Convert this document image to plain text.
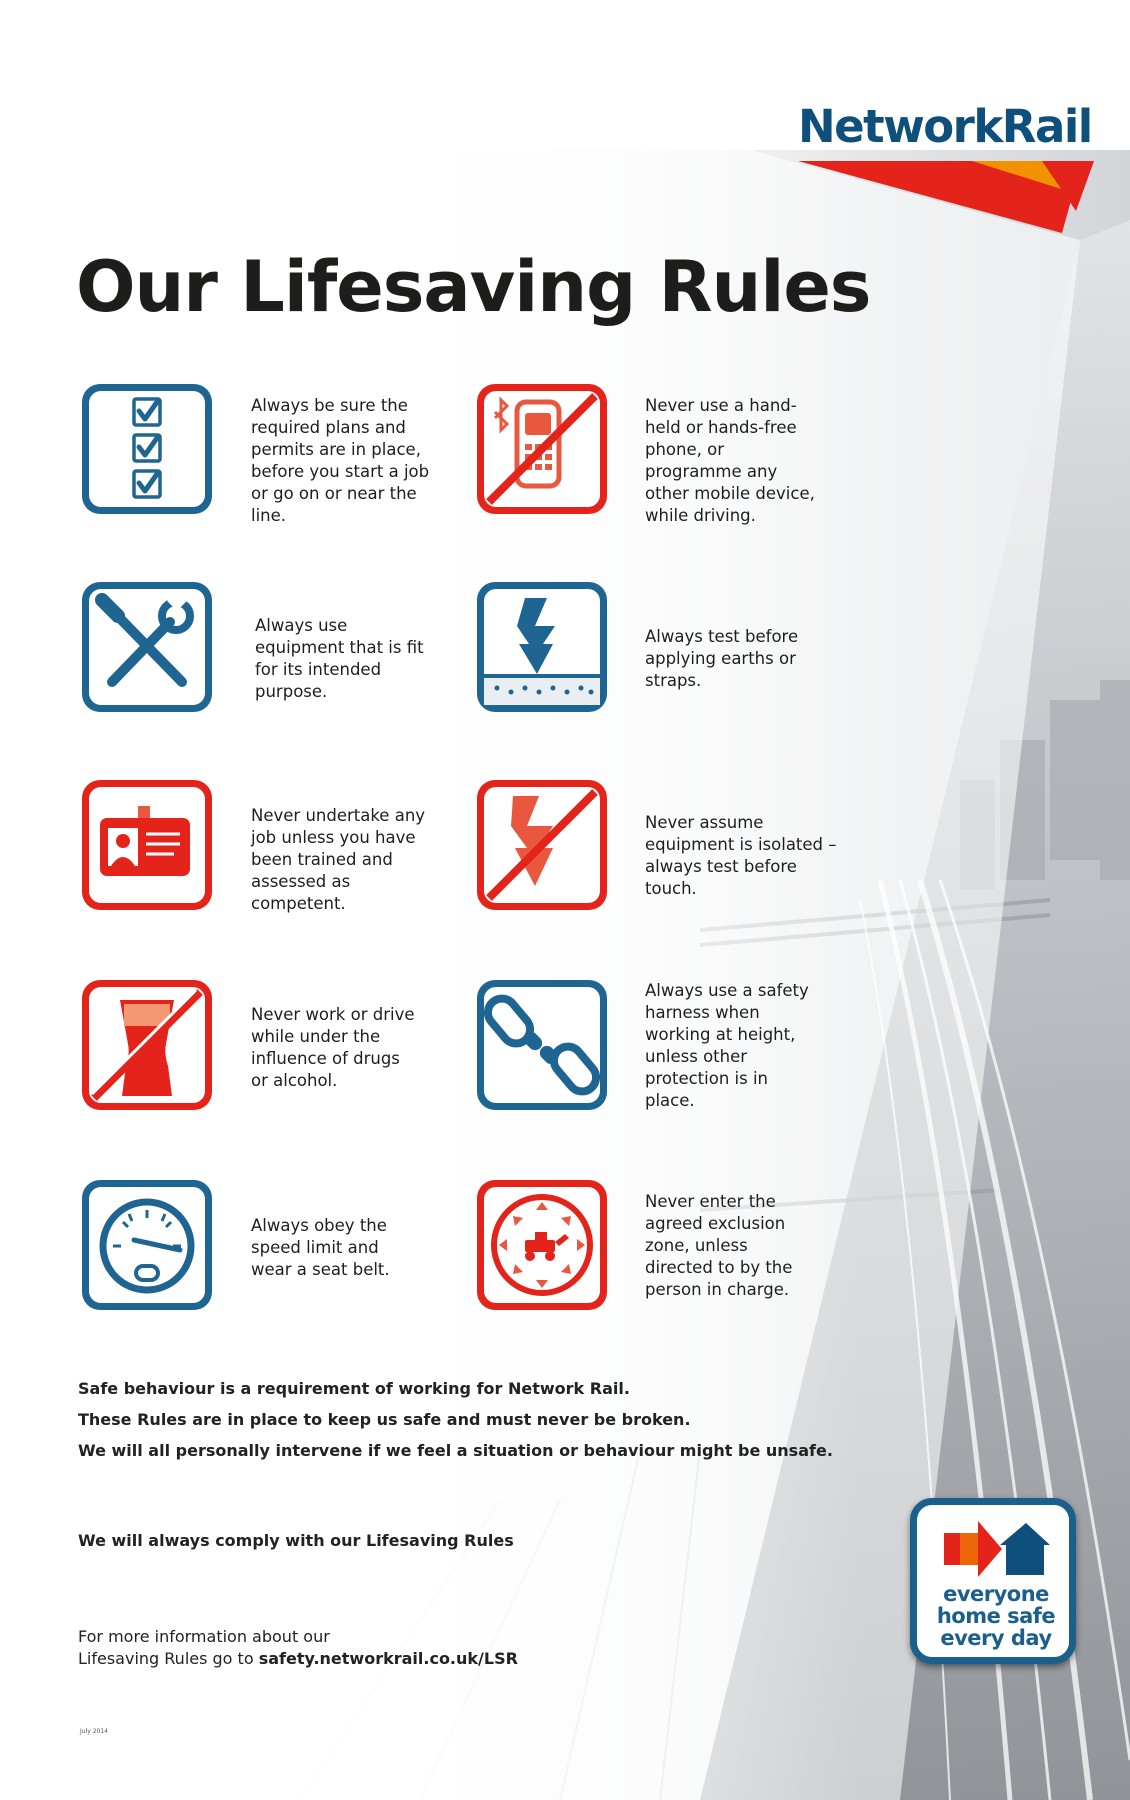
NetworkRail
Our Lifesaving Rules
Always be sure the required plans and permits are in place, before you start a job or go on or near the line.
Never use a hand-held or hands-free phone, or programme any other mobile device, while driving.
Always use equipment that is fit for its intended purpose.
Always test before applying earths or straps.
Never undertake any job unless you have been trained and assessed as competent.
Never assume equipment is isolated – always test before touch.
Never work or drive while under the influence of drugs or alcohol.
Always use a safety harness when working at height, unless other protection is in place.
Always obey the speed limit and wear a seat belt.
Never enter the agreed exclusion zone, unless directed to by the person in charge.

Safe behaviour is a requirement of working for Network Rail.

These Rules are in place to keep us safe and must never be broken.

We will all personally intervene if we feel a situation or behaviour might be unsafe.

We will always comply with our Lifesaving Rules
For more information about our
Lifesaving Rules go to safety.networkrail.co.uk/LSR
July 2014
everyone
home safe
every day
